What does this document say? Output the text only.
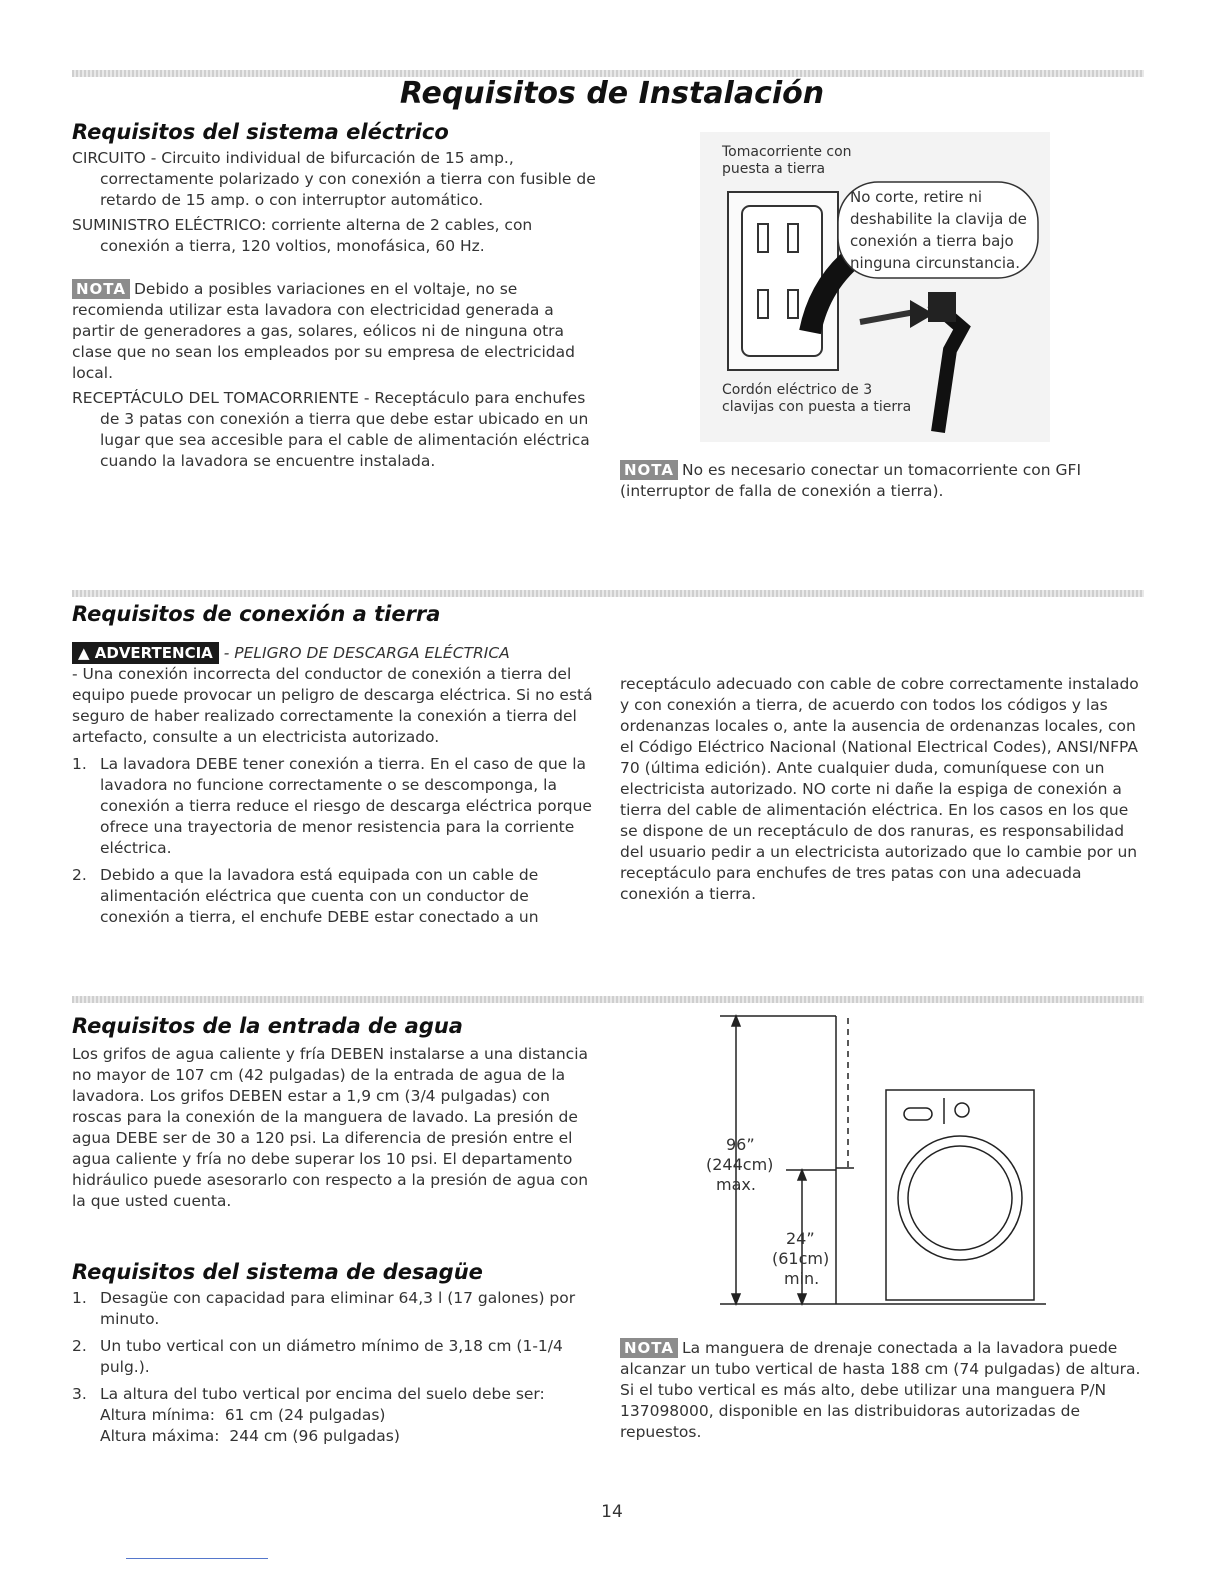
Requisitos de Instalación
Requisitos del sistema eléctrico

CIRCUITO - Circuito individual de bifurcación de 15 amp., correctamente polarizado y con conexión a tierra con fusible de retardo de 15 amp. o con interruptor automático.

SUMINISTRO ELÉCTRICO: corriente alterna de 2 cables, con conexión a tierra, 120 voltios, monofásica, 60 Hz.

NOTA Debido a posibles variaciones en el voltaje, no se recomienda utilizar esta lavadora con electricidad generada a partir de generadores a gas, solares, eólicos ni de ninguna otra clase que no sean los empleados por su empresa de electricidad local.

RECEPTÁCULO DEL TOMACORRIENTE - Receptáculo para enchufes de 3 patas con conexión a tierra que debe estar ubicado en un lugar que sea accesible para el cable de alimentación eléctrica cuando la lavadora se encuentre instalada.

Tomacorriente con puesta a tierra
No corte, retire ni deshabilite la clavija de conexión a tierra bajo ninguna circunstancia.
Cordón eléctrico de 3 clavijas con puesta a tierra
NOTA No es necesario conectar un tomacorriente con GFI (interruptor de falla de conexión a tierra).
Requisitos de conexión a tierra

▲ ADVERTENCIA - PELIGRO DE DESCARGA ELÉCTRICA

- Una conexión incorrecta del conductor de conexión a tierra del equipo puede provocar un peligro de descarga eléctrica. Si no está seguro de haber realizado correctamente la conexión a tierra del artefacto, consulte a un electricista autorizado.

1. La lavadora DEBE tener conexión a tierra. En el caso de que la lavadora no funcione correctamente o se descomponga, la conexión a tierra reduce el riesgo de descarga eléctrica porque ofrece una trayectoria de menor resistencia para la corriente eléctrica.
2. Debido a que la lavadora está equipada con un cable de alimentación eléctrica que cuenta con un conductor de conexión a tierra, el enchufe DEBE estar conectado a un
receptáculo adecuado con cable de cobre correctamente instalado y con conexión a tierra, de acuerdo con todos los códigos y las ordenanzas locales o, ante la ausencia de ordenanzas locales, con el Código Eléctrico Nacional (National Electrical Codes), ANSI/NFPA 70 (última edición). Ante cualquier duda, comuníquese con un electricista autorizado. NO corte ni dañe la espiga de conexión a tierra del cable de alimentación eléctrica. En los casos en los que se dispone de un receptáculo de dos ranuras, es responsabilidad del usuario pedir a un electricista autorizado que lo cambie por un receptáculo para enchufes de tres patas con una adecuada conexión a tierra.
Requisitos de la entrada de agua
Los grifos de agua caliente y fría DEBEN instalarse a una distancia no mayor de 107 cm (42 pulgadas) de la entrada de agua de la lavadora. Los grifos DEBEN estar a 1,9 cm (3/4 pulgadas) con roscas para la conexión de la manguera de lavado. La presión de agua DEBE ser de 30 a 120 psi. La diferencia de presión entre el agua caliente y fría no debe superar los 10 psi. El departamento hidráulico puede asesorarlo con respecto a la presión de agua con la que usted cuenta.
Requisitos del sistema de desagüe
1. Desagüe con capacidad para eliminar 64,3 l (17 galones) por minuto.
2. Un tubo vertical con un diámetro mínimo de 3,18 cm (1-1/4 pulg.).
3. La altura del tubo vertical por encima del suelo debe ser:
Altura mínima:  61 cm (24 pulgadas)
Altura máxima:  244 cm (96 pulgadas)
96”
(244cm)
max.
24”
(61cm)
min.
NOTA La manguera de drenaje conectada a la lavadora puede alcanzar un tubo vertical de hasta 188 cm (74 pulgadas) de altura. Si el tubo vertical es más alto, debe utilizar una manguera P/N 137098000, disponible en las distribuidoras autorizadas de repuestos.
14
